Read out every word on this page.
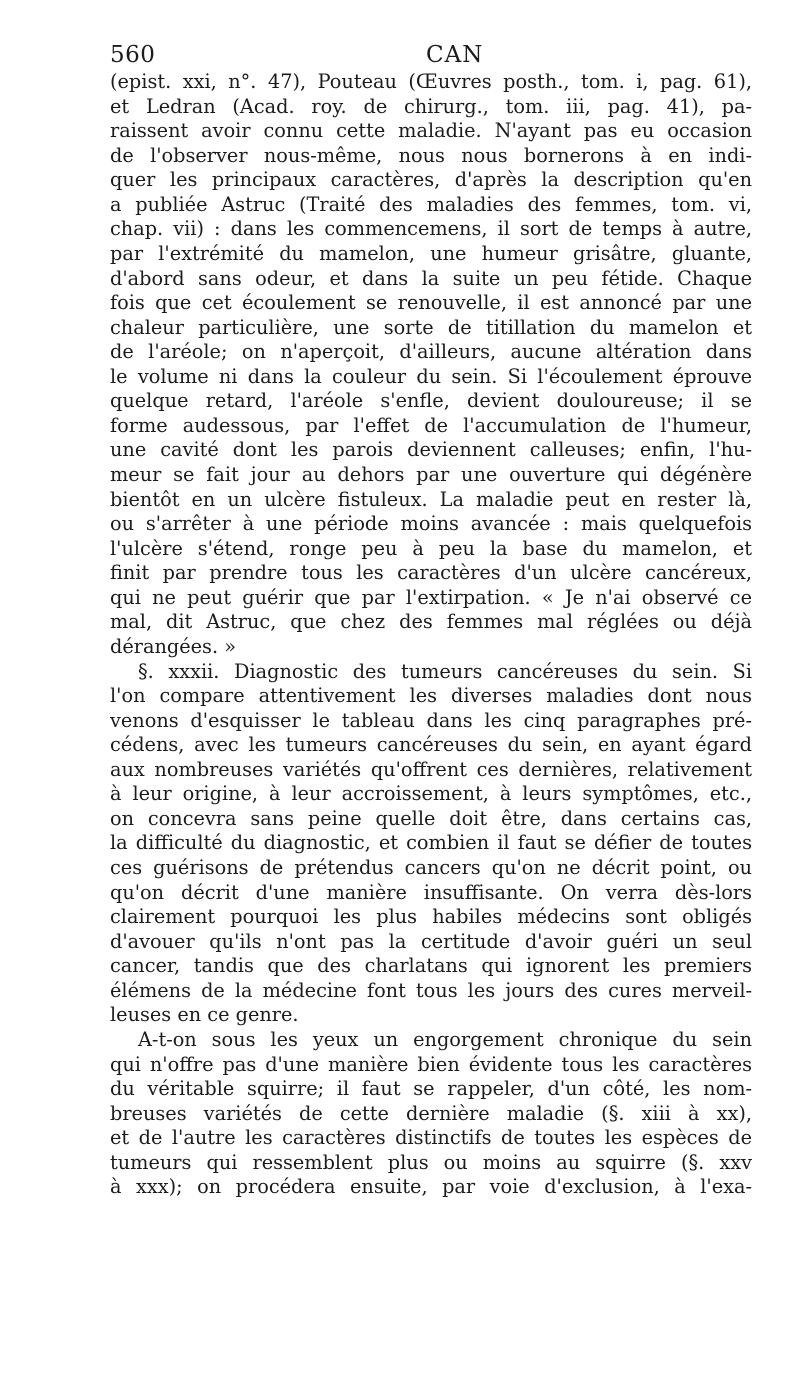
560	CAN
(epist. xxi, n°. 47), Pouteau (Œuvres posth., tom. i, pag. 61),
et Ledran (Acad. roy. de chirurg., tom. iii, pag. 41), pa-
raissent avoir connu cette maladie. N'ayant pas eu occasion
de l'observer nous-même, nous nous bornerons à en indi-
quer les principaux caractères, d'après la description qu'en
a publiée Astruc (Traité des maladies des femmes, tom. vi,
chap. vii) : dans les commencemens, il sort de temps à autre,
par l'extrémité du mamelon, une humeur grisâtre, gluante,
d'abord sans odeur, et dans la suite un peu fétide. Chaque
fois que cet écoulement se renouvelle, il est annoncé par une
chaleur particulière, une sorte de titillation du mamelon et
de l'aréole; on n'aperçoit, d'ailleurs, aucune altération dans
le volume ni dans la couleur du sein. Si l'écoulement éprouve
quelque retard, l'aréole s'enfle, devient douloureuse; il se
forme audessous, par l'effet de l'accumulation de l'humeur,
une cavité dont les parois deviennent calleuses; enfin, l'hu-
meur se fait jour au dehors par une ouverture qui dégénère
bientôt en un ulcère fistuleux. La maladie peut en rester là,
ou s'arrêter à une période moins avancée : mais quelquefois
l'ulcère s'étend, ronge peu à peu la base du mamelon, et
finit par prendre tous les caractères d'un ulcère cancéreux,
qui ne peut guérir que par l'extirpation. « Je n'ai observé ce
mal, dit Astruc, que chez des femmes mal réglées ou déjà
dérangées. »
§. xxxii. Diagnostic des tumeurs cancéreuses du sein. Si
l'on compare attentivement les diverses maladies dont nous
venons d'esquisser le tableau dans les cinq paragraphes pré-
cédens, avec les tumeurs cancéreuses du sein, en ayant égard
aux nombreuses variétés qu'offrent ces dernières, relativement
à leur origine, à leur accroissement, à leurs symptômes, etc.,
on concevra sans peine quelle doit être, dans certains cas,
la difficulté du diagnostic, et combien il faut se défier de toutes
ces guérisons de prétendus cancers qu'on ne décrit point, ou
qu'on décrit d'une manière insuffisante. On verra dès-lors
clairement pourquoi les plus habiles médecins sont obligés
d'avouer qu'ils n'ont pas la certitude d'avoir guéri un seul
cancer, tandis que des charlatans qui ignorent les premiers
élémens de la médecine font tous les jours des cures merveil-
leuses en ce genre.
A-t-on sous les yeux un engorgement chronique du sein
qui n'offre pas d'une manière bien évidente tous les caractères
du véritable squirre; il faut se rappeler, d'un côté, les nom-
breuses variétés de cette dernière maladie (§. xiii à xx),
et de l'autre les caractères distinctifs de toutes les espèces de
tumeurs qui ressemblent plus ou moins au squirre (§. xxv
à xxx); on procédera ensuite, par voie d'exclusion, à l'exa-
